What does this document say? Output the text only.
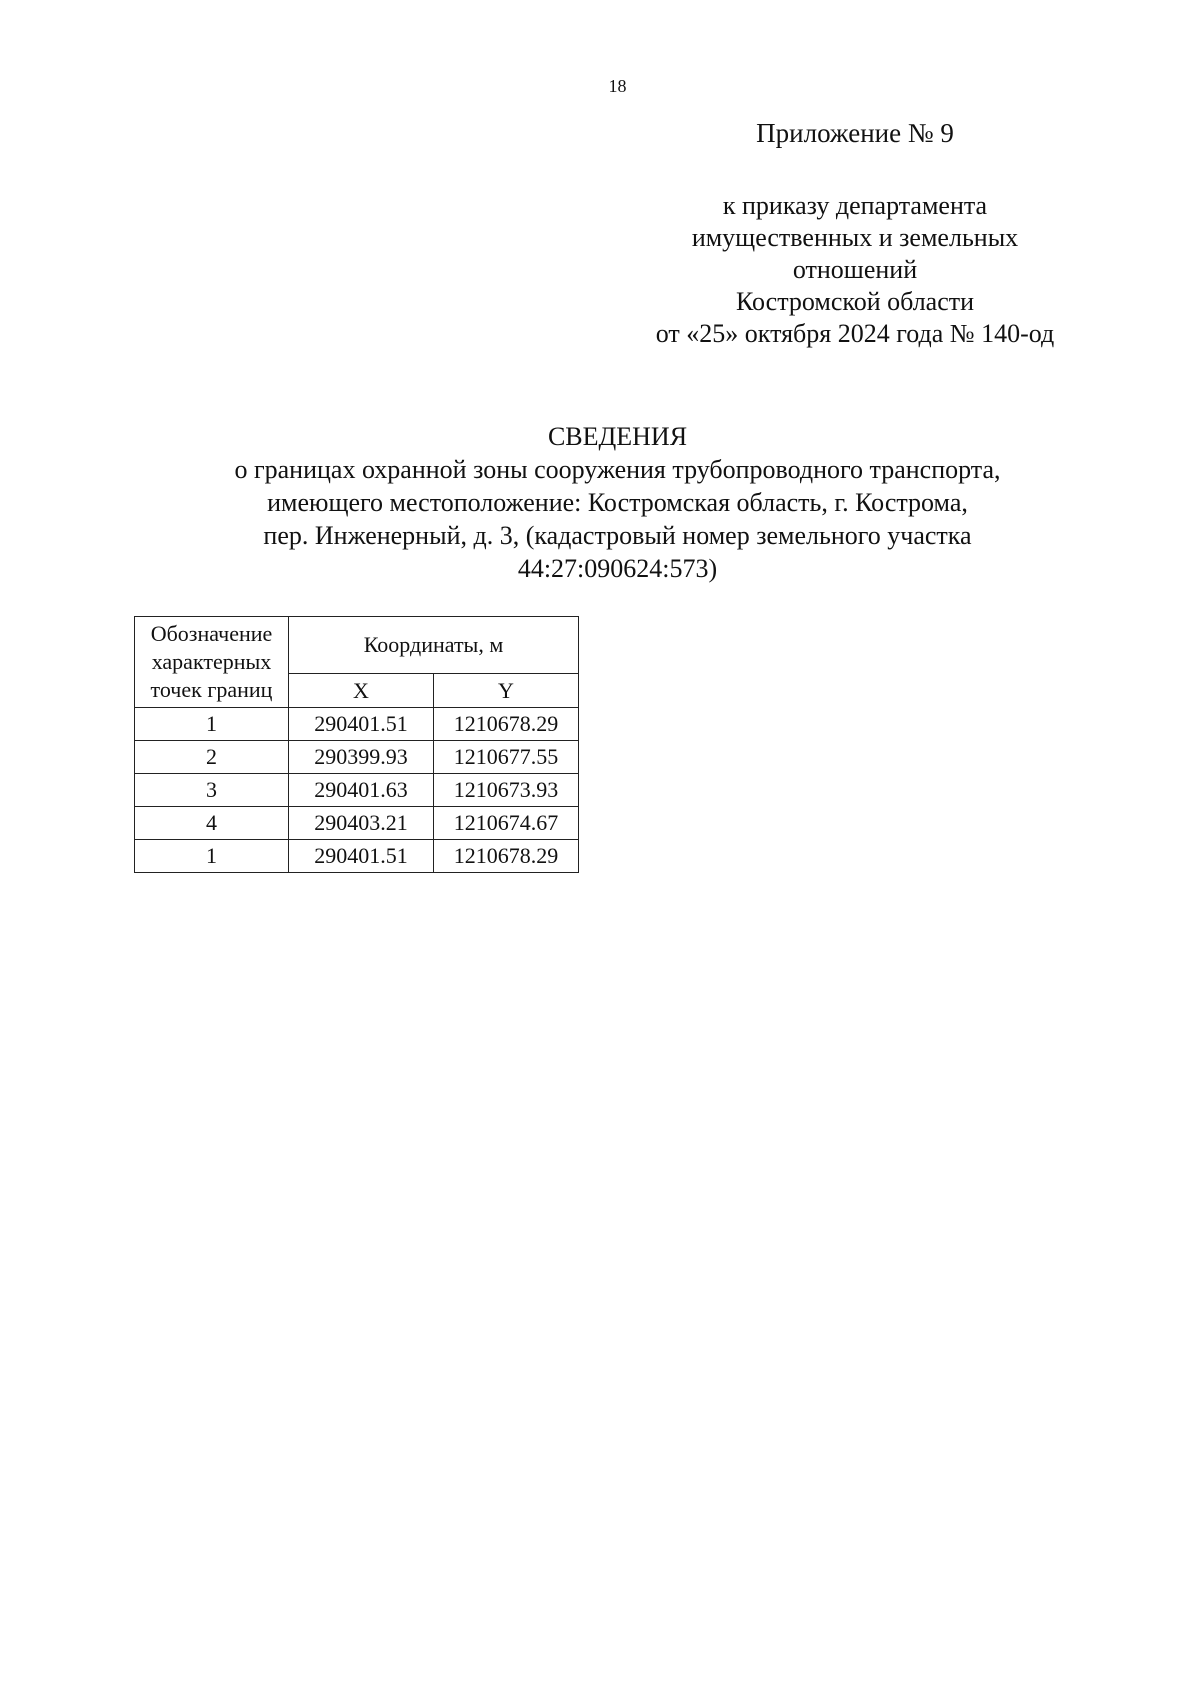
18
Приложение № 9
к приказу департамента
имущественных и земельных
отношений
Костромской области
от «25» октября 2024 года № 140-од
СВЕДЕНИЯ
о границах охранной зоны сооружения трубопроводного транспорта,
имеющего местоположение: Костромская область, г. Кострома,
пер. Инженерный, д. 3, (кадастровый номер земельного участка
44:27:090624:573)
Обозначение
характерных
точек границ	Координаты, м	
	X	Y
1	290401.51	1210678.29
2	290399.93	1210677.55
3	290401.63	1210673.93
4	290403.21	1210674.67
1	290401.51	1210678.29
